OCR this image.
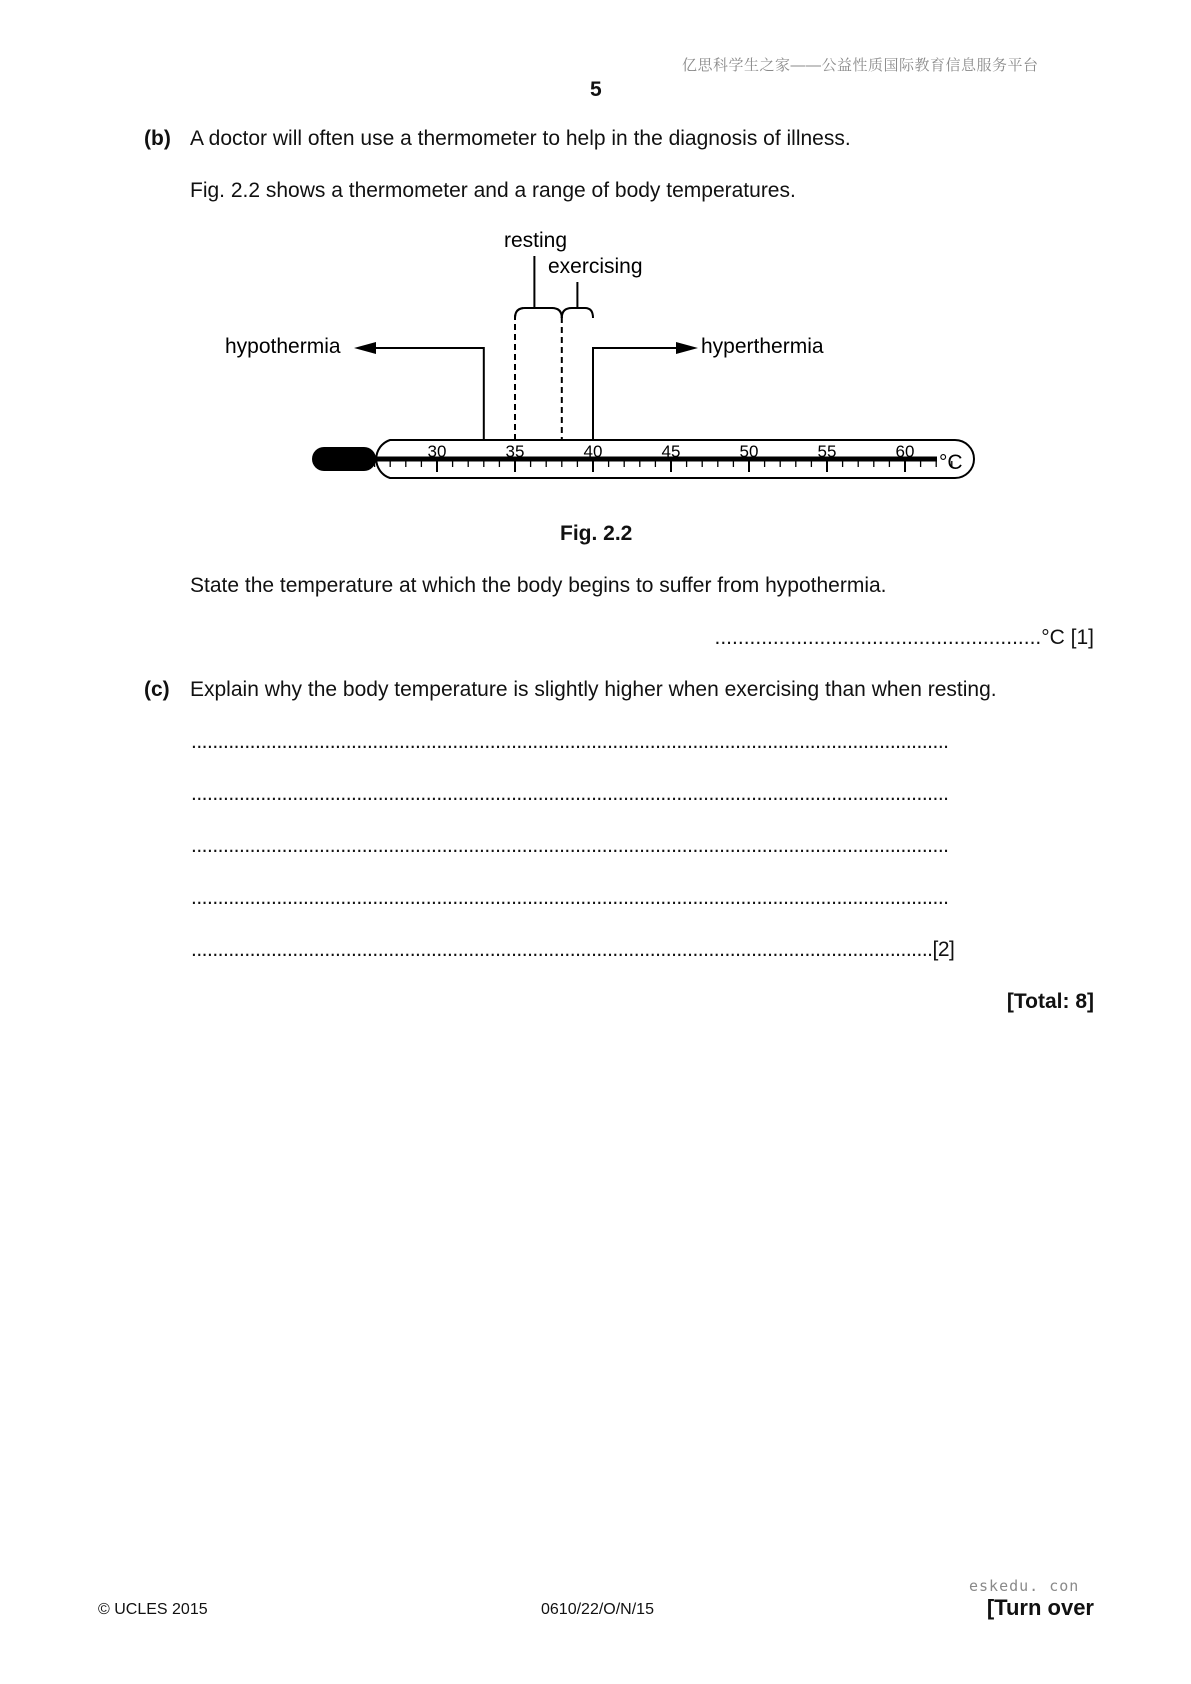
亿思科学生之家——公益性质国际教育信息服务平台
5
(b) A doctor will often use a thermometer to help in the diagnosis of illness.
Fig. 2.2 shows a thermometer and a range of body temperatures.
30	35	40	45	50	55	60 °C
resting
exercising
hypothermia	hyperthermia
Fig. 2.2
State the temperature at which the body begins to suffer from hypothermia.
........................................................°C [1]
(c) Explain why the body temperature is slightly higher when exercising than when resting.
..............................................................................................................................................
..............................................................................................................................................
..............................................................................................................................................
..............................................................................................................................................
...........................................................................................................................................[2]
[Total: 8]
eskedu. con
© UCLES 2015	0610/22/O/N/15	[Turn over
